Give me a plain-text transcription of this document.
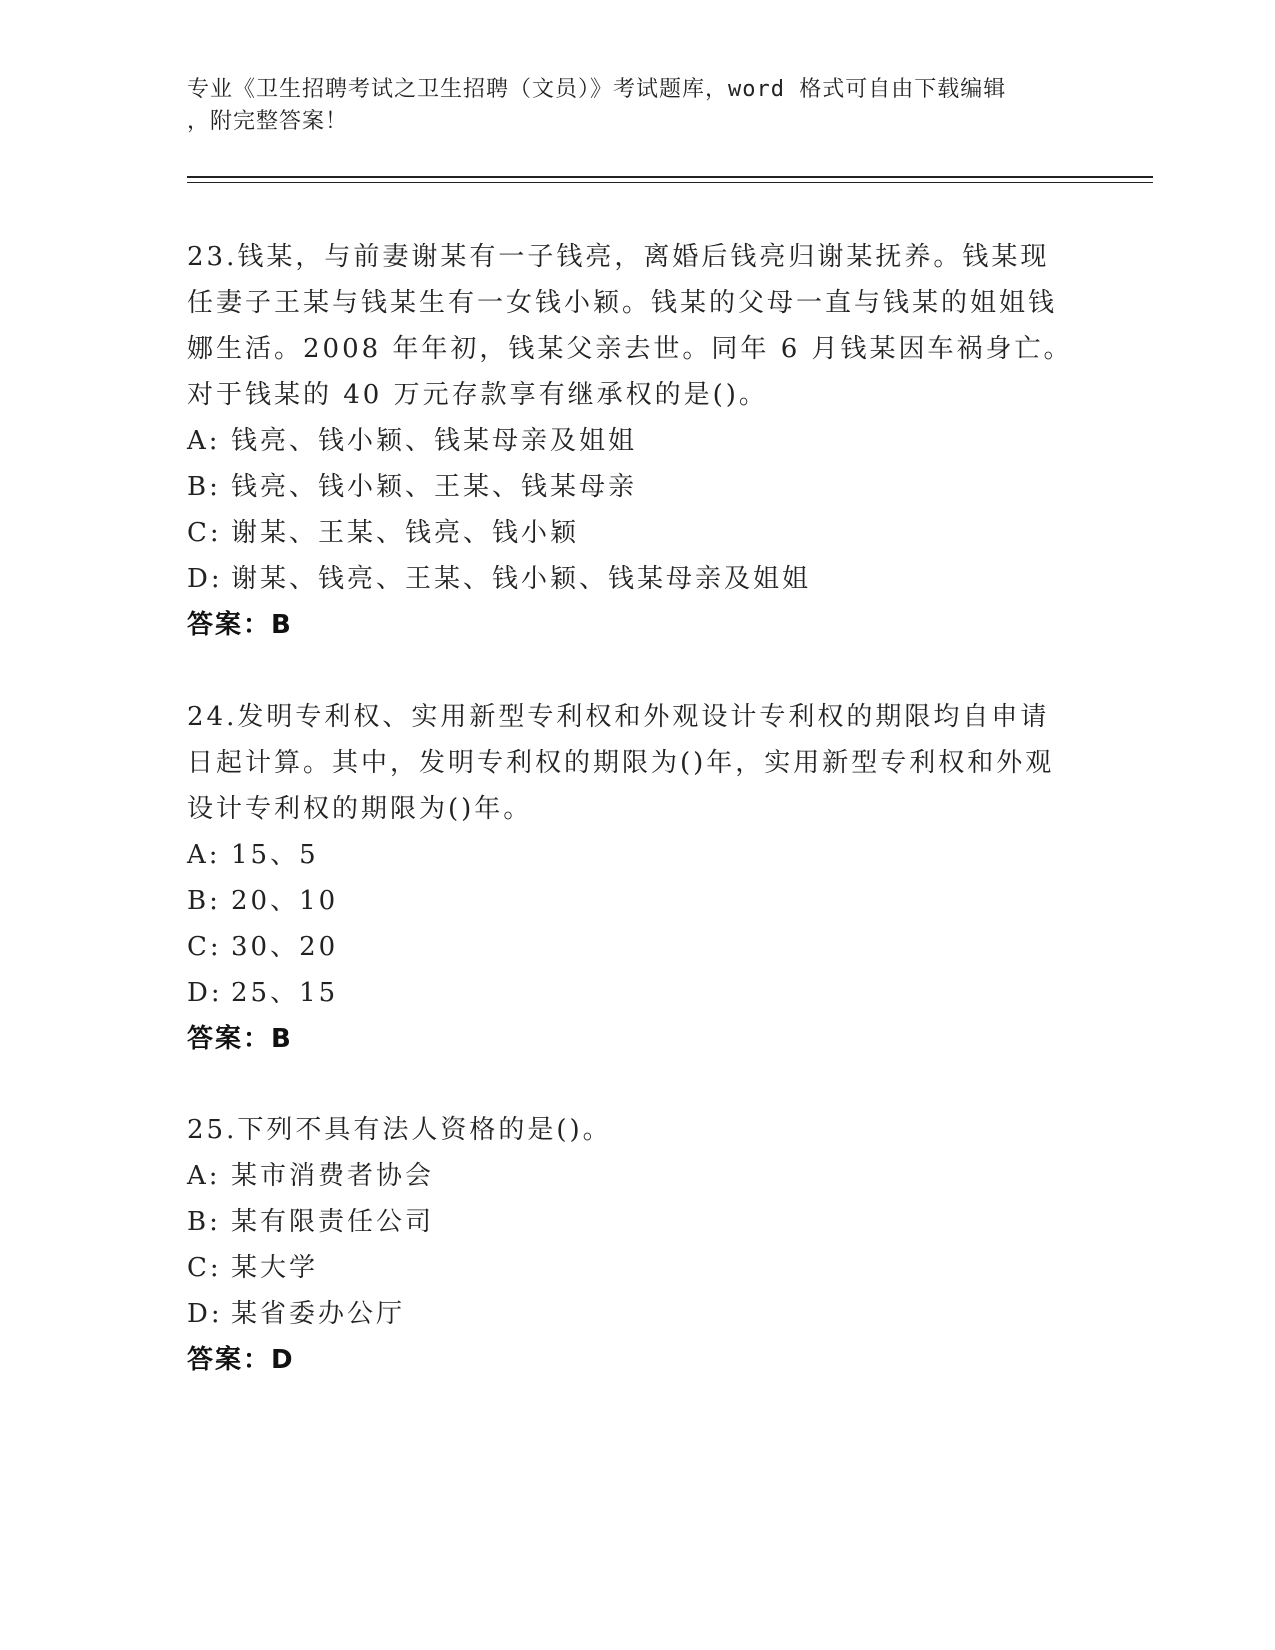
专业《卫生招聘考试之卫生招聘（文员）》考试题库，word 格式可自由下载编辑
，附完整答案！

23.钱某，与前妻谢某有一子钱亮，离婚后钱亮归谢某抚养。钱某现任妻子王某与钱某生有一女钱小颖。钱某的父母一直与钱某的姐姐钱娜生活。2008 年年初，钱某父亲去世。同年 6 月钱某因车祸身亡。对于钱某的 40 万元存款享有继承权的是()。

A: 钱亮、钱小颖、钱某母亲及姐姐
B: 钱亮、钱小颖、王某、钱某母亲
C: 谢某、王某、钱亮、钱小颖
D: 谢某、钱亮、王某、钱小颖、钱某母亲及姐姐
答案：B

24.发明专利权、实用新型专利权和外观设计专利权的期限均自申请日起计算。其中，发明专利权的期限为()年，实用新型专利权和外观设计专利权的期限为()年。

A: 15、5
B: 20、10
C: 30、20
D: 25、15
答案：B

25.下列不具有法人资格的是()。

A: 某市消费者协会
B: 某有限责任公司
C: 某大学
D: 某省委办公厅
答案：D
